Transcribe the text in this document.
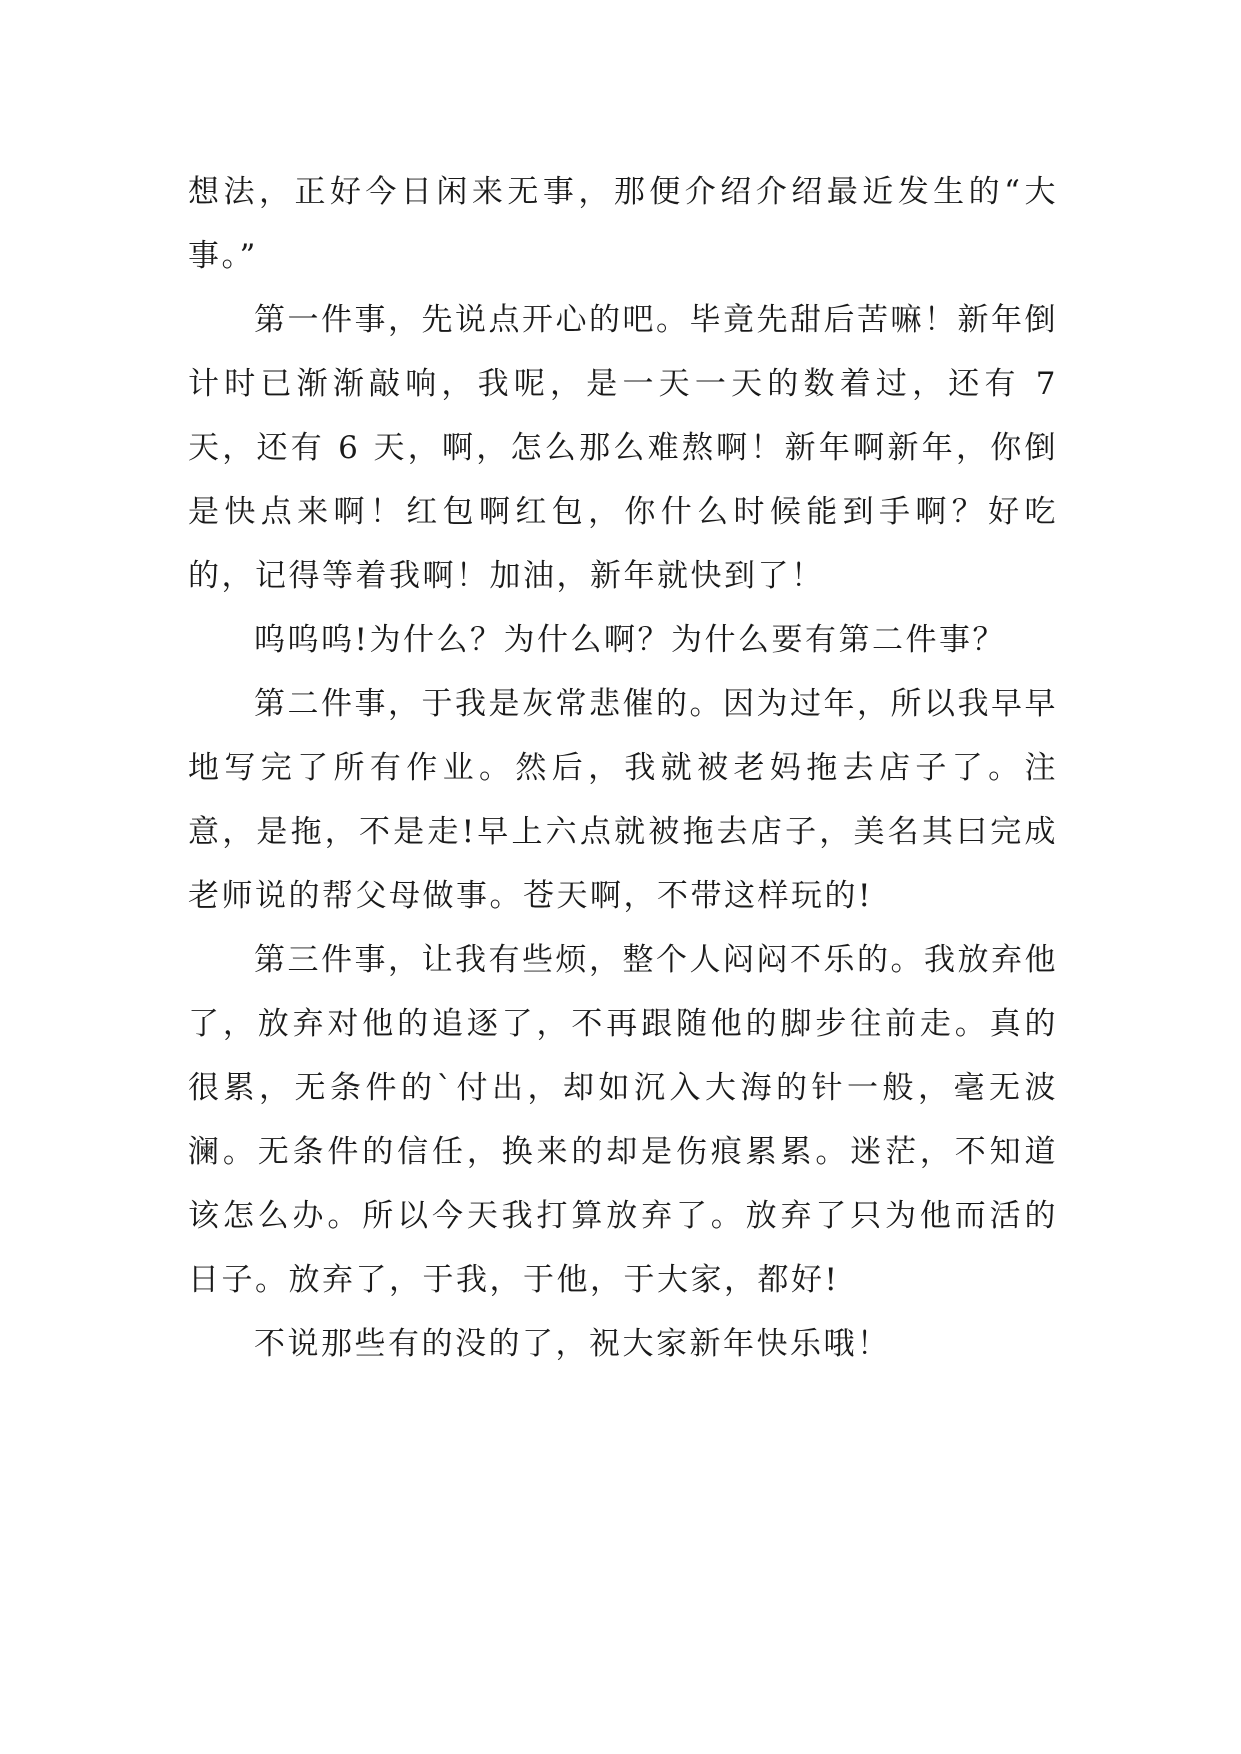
想法，正好今日闲来无事，那便介绍介绍最近发生的“大事。”

第一件事，先说点开心的吧。毕竟先甜后苦嘛！新年倒计时已渐渐敲响，我呢，是一天一天的数着过，还有 7 天，还有 6 天，啊，怎么那么难熬啊！新年啊新年，你倒是快点来啊！红包啊红包，你什么时候能到手啊？好吃的，记得等着我啊！加油，新年就快到了！

呜呜呜!为什么？为什么啊？为什么要有第二件事？

第二件事，于我是灰常悲催的。因为过年，所以我早早地写完了所有作业。然后，我就被老妈拖去店子了。注意，是拖，不是走!早上六点就被拖去店子，美名其曰完成老师说的帮父母做事。苍天啊，不带这样玩的!

第三件事，让我有些烦，整个人闷闷不乐的。我放弃他了，放弃对他的追逐了，不再跟随他的脚步往前走。真的很累，无条件的`付出，却如沉入大海的针一般，毫无波澜。无条件的信任，换来的却是伤痕累累。迷茫，不知道该怎么办。所以今天我打算放弃了。放弃了只为他而活的日子。放弃了，于我，于他，于大家，都好!

不说那些有的没的了，祝大家新年快乐哦！
